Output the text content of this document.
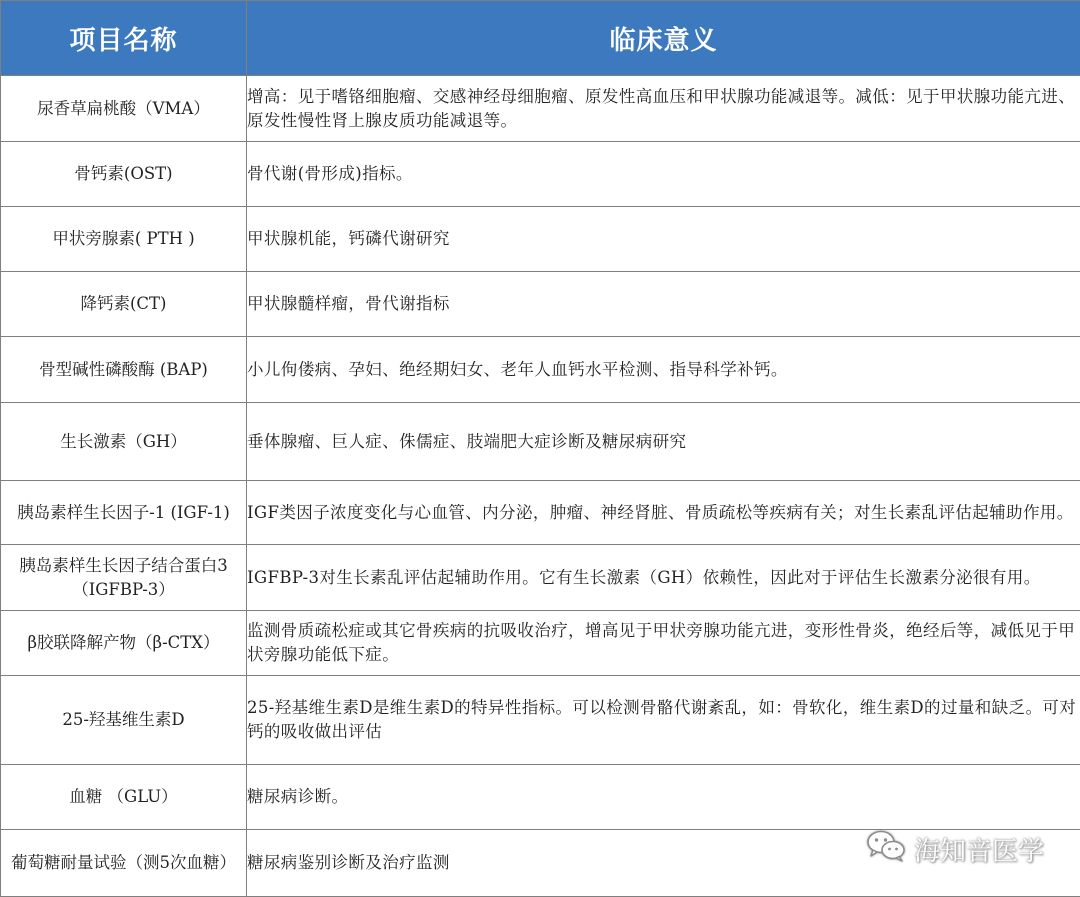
项目名称	临床意义
尿香草扁桃酸（VMA）	增高：见于嗜铬细胞瘤、交感神经母细胞瘤、原发性高血压和甲状腺功能减退等。减低：见于甲状腺功能亢进、原发性慢性肾上腺皮质功能减退等。
骨钙素(OST)	骨代谢(骨形成)指标。
甲状旁腺素( PTH )	甲状腺机能，钙磷代谢研究
降钙素(CT)	甲状腺髓样瘤，骨代谢指标
骨型碱性磷酸酶 (BAP)	小儿佝偻病、孕妇、绝经期妇女、老年人血钙水平检测、指导科学补钙。
生长激素（GH）	垂体腺瘤、巨人症、侏儒症、肢端肥大症诊断及糖尿病研究
胰岛素样生长因子-1 (IGF-1)	IGF类因子浓度变化与心血管、内分泌，肿瘤、神经肾脏、骨质疏松等疾病有关；对生长素乱评估起辅助作用。
胰岛素样生长因子结合蛋白3（IGFBP-3）	IGFBP-3对生长素乱评估起辅助作用。它有生长激素（GH）依赖性，因此对于评估生长激素分泌很有用。
β胶联降解产物（β-CTX）	监测骨质疏松症或其它骨疾病的抗吸收治疗，增高见于甲状旁腺功能亢进，变形性骨炎，绝经后等，减低见于甲状旁腺功能低下症。
25-羟基维生素D	25-羟基维生素D是维生素D的特异性指标。可以检测骨骼代谢紊乱，如：骨软化，维生素D的过量和缺乏。可对钙的吸收做出评估
血糖 （GLU）	糖尿病诊断。
葡萄糖耐量试验（测5次血糖）	糖尿病鉴别诊断及治疗监测	海知音医学
